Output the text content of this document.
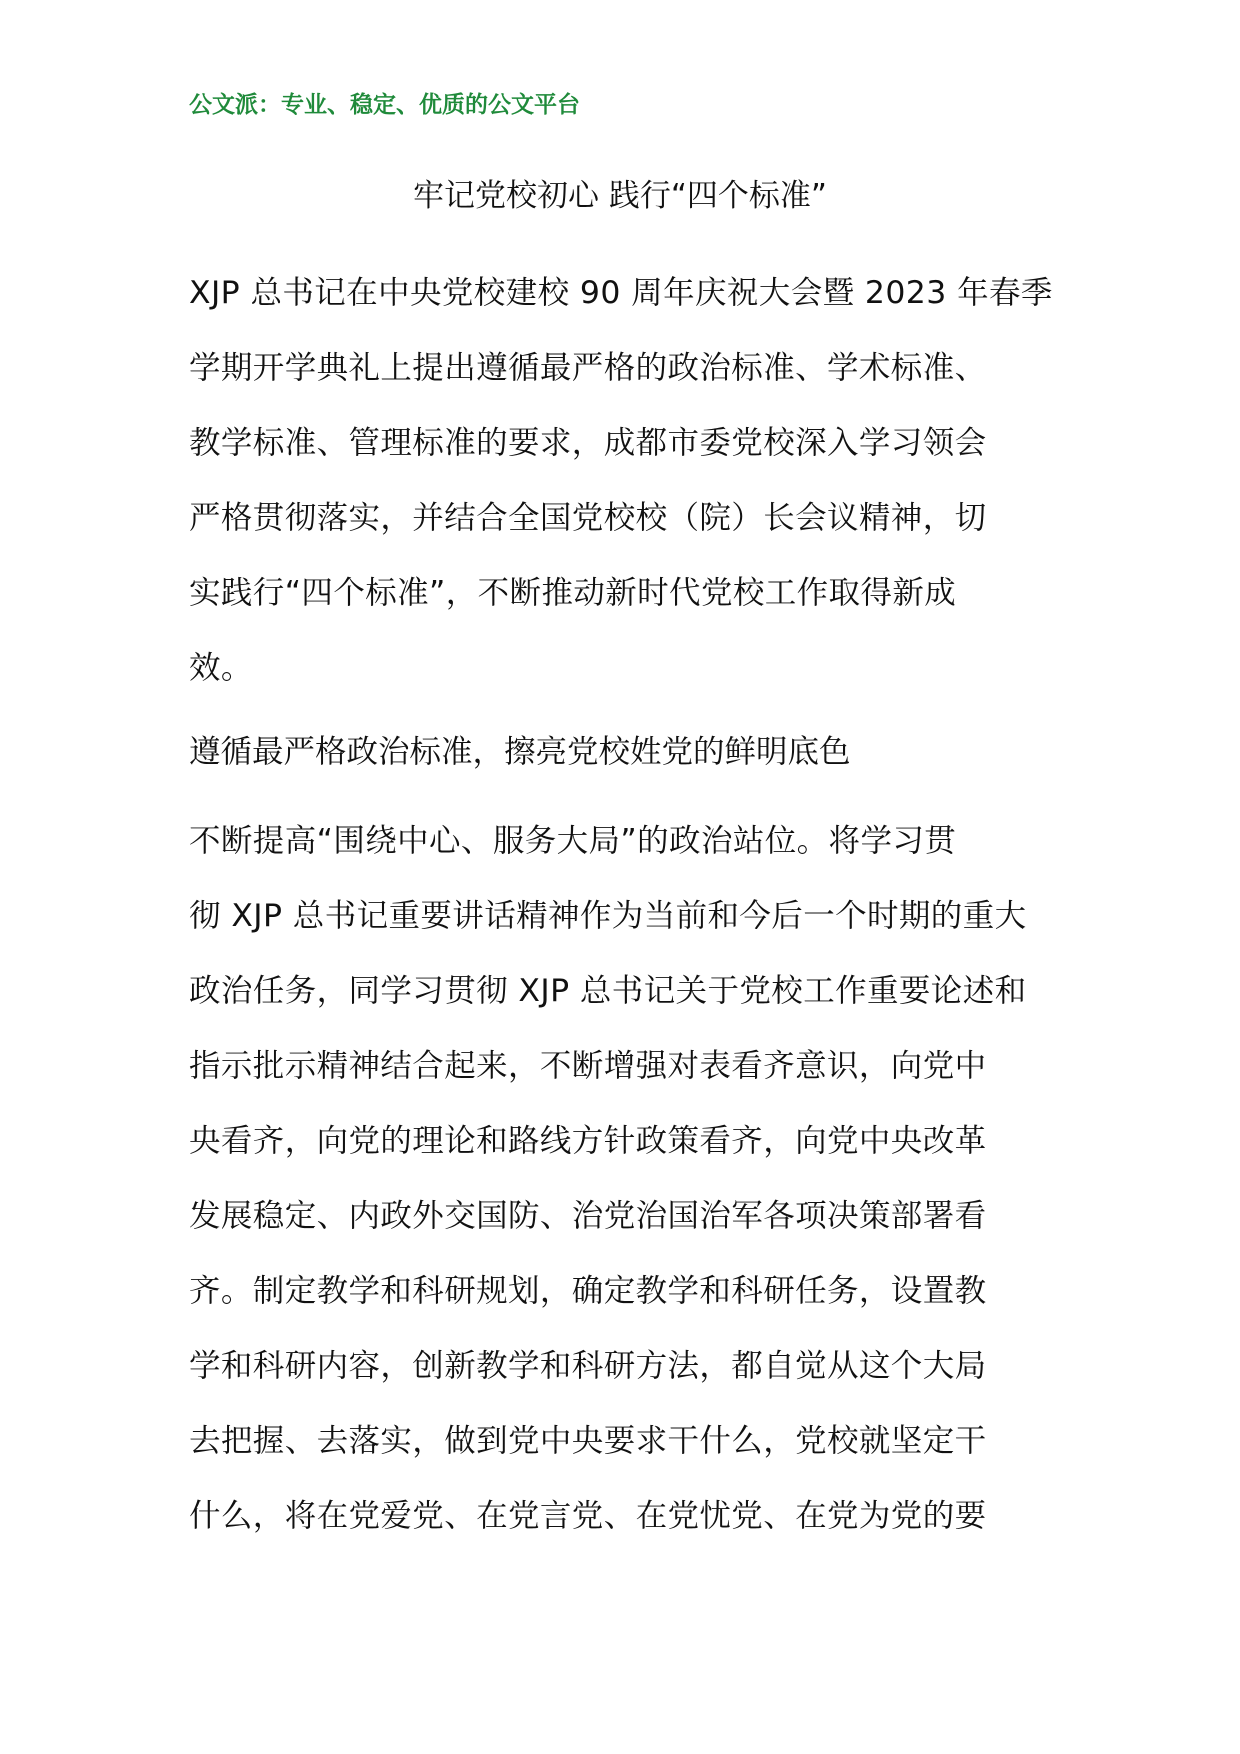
公文派：专业、稳定、优质的公文平台
牢记党校初心 践行“四个标准”

XJP 总书记在中央党校建校 90 周年庆祝大会暨 2023 年春季
学期开学典礼上提出遵循最严格的政治标准、学术标准、
教学标准、管理标准的要求，成都市委党校深入学习领会
严格贯彻落实，并结合全国党校校（院）长会议精神，切
实践行“四个标准”，不断推动新时代党校工作取得新成
效。

遵循最严格政治标准，擦亮党校姓党的鲜明底色

不断提高“围绕中心、服务大局”的政治站位。将学习贯
彻 XJP 总书记重要讲话精神作为当前和今后一个时期的重大
政治任务，同学习贯彻 XJP 总书记关于党校工作重要论述和
指示批示精神结合起来，不断增强对表看齐意识，向党中
央看齐，向党的理论和路线方针政策看齐，向党中央改革
发展稳定、内政外交国防、治党治国治军各项决策部署看
齐。制定教学和科研规划，确定教学和科研任务，设置教
学和科研内容，创新教学和科研方法，都自觉从这个大局
去把握、去落实，做到党中央要求干什么，党校就坚定干
什么，将在党爱党、在党言党、在党忧党、在党为党的要
